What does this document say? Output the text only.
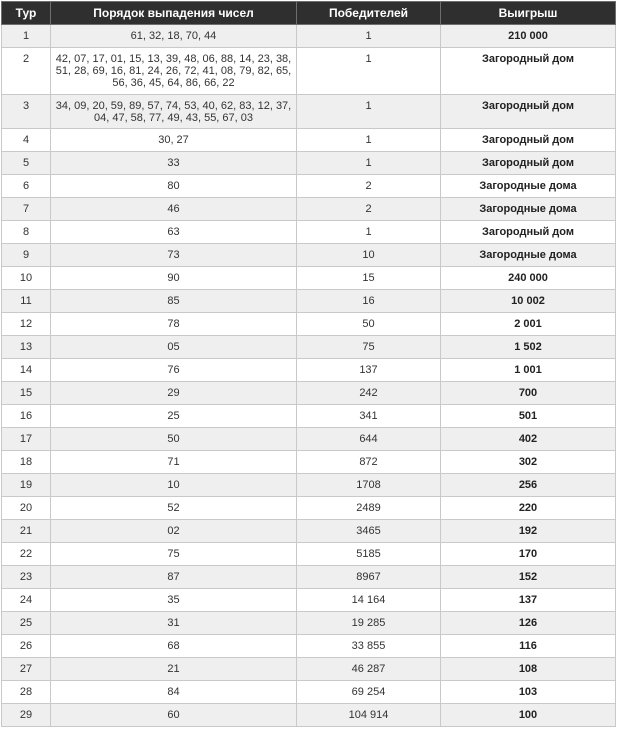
Тур	Порядок выпадения чисел	Победителей	Выигрыш
1	61, 32, 18, 70, 44	1	210 000
2	42, 07, 17, 01, 15, 13, 39, 48, 06, 88, 14, 23, 38, 51, 28, 69, 16, 81, 24, 26, 72, 41, 08, 79, 82, 65, 56, 36, 45, 64, 86, 66, 22	1	Загородный дом
3	34, 09, 20, 59, 89, 57, 74, 53, 40, 62, 83, 12, 37, 04, 47, 58, 77, 49, 43, 55, 67, 03	1	Загородный дом
4	30, 27	1	Загородный дом
5	33	1	Загородный дом
6	80	2	Загородные дома
7	46	2	Загородные дома
8	63	1	Загородный дом
9	73	10	Загородные дома
10	90	15	240 000
11	85	16	10 002
12	78	50	2 001
13	05	75	1 502
14	76	137	1 001
15	29	242	700
16	25	341	501
17	50	644	402
18	71	872	302
19	10	1708	256
20	52	2489	220
21	02	3465	192
22	75	5185	170
23	87	8967	152
24	35	14 164	137
25	31	19 285	126
26	68	33 855	116
27	21	46 287	108
28	84	69 254	103
29	60	104 914	100
